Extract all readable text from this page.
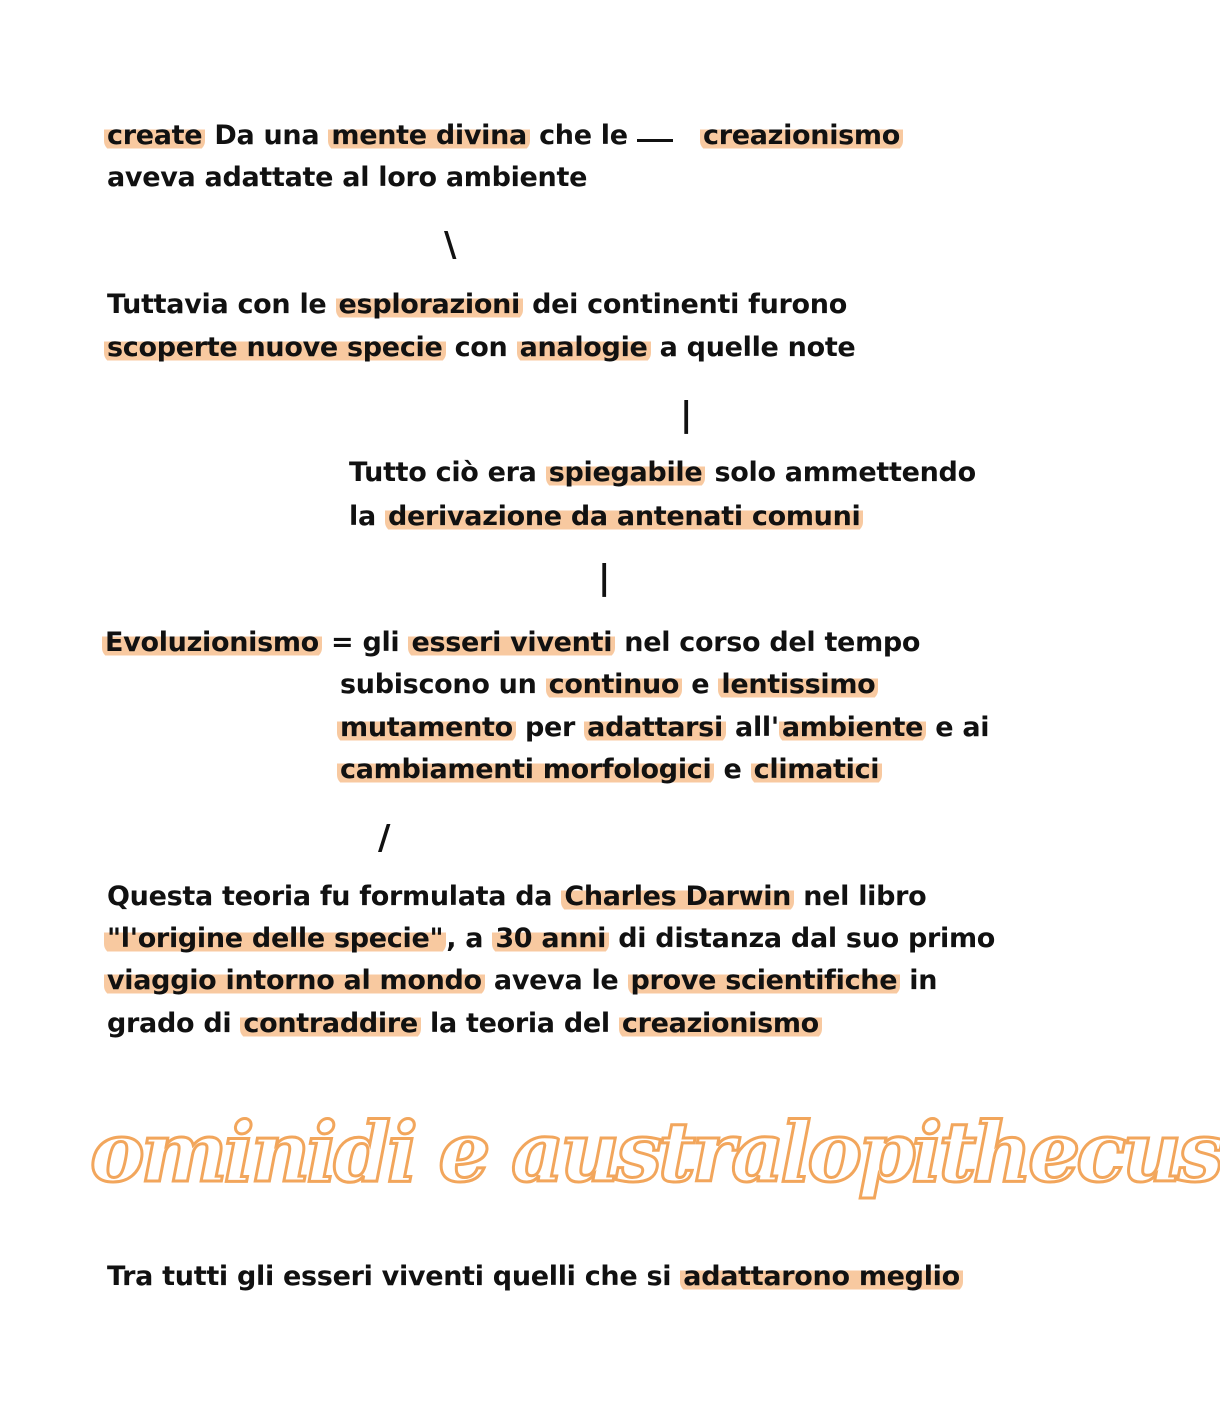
create Da una mente divina che le
aveva adattate al loro ambiente
creazionismo
\
Tuttavia con le esplorazioni dei continenti furono
scoperte nuove specie con analogie a quelle note
|
Tutto ciò era spiegabile solo ammettendo
la derivazione da antenati comuni
|
Evoluzionismo = gli esseri viventi nel corso del tempo
subiscono un continuo e lentissimo
mutamento per adattarsi all' ambiente e ai
cambiamenti morfologici e climatici
/
Questa teoria fu formulata da Charles Darwin nel libro
"l'origine delle specie" , a 30 anni di distanza dal suo primo
viaggio intorno al mondo aveva le prove scientifiche in
grado di contraddire la teoria del creazionismo
ominidi e australopithecus
Tra tutti gli esseri viventi quelli che si adattarono meglio
